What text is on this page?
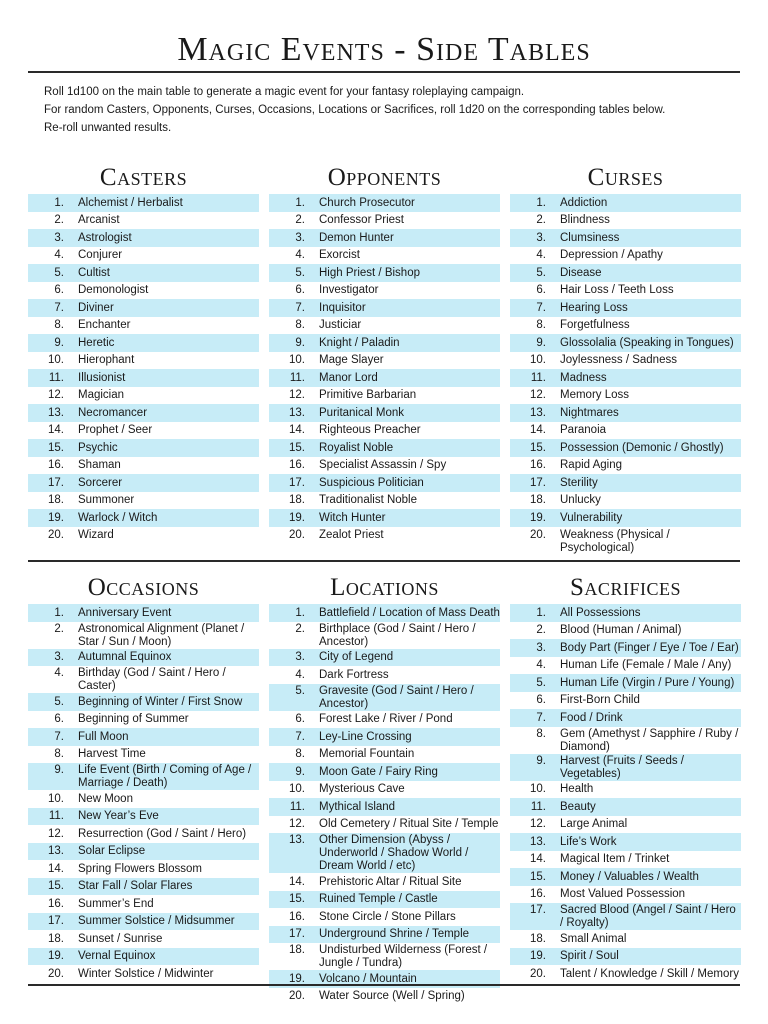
Magic Events - Side Tables
Roll 1d100 on the main table to generate a magic event for your fantasy roleplaying campaign.
For random Casters, Opponents, Curses, Occasions, Locations or Sacrifices, roll 1d20 on the corresponding tables below.
Re-roll unwanted results.
Casters
1.	Alchemist / Herbalist
2.	Arcanist
3.	Astrologist
4.	Conjurer
5.	Cultist
6.	Demonologist
7.	Diviner
8.	Enchanter
9.	Heretic
10.	Hierophant
11.	Illusionist
12.	Magician
13.	Necromancer
14.	Prophet / Seer
15.	Psychic
16.	Shaman
17.	Sorcerer
18.	Summoner
19.	Warlock / Witch
20.	Wizard
Opponents
1.	Church Prosecutor
2.	Confessor Priest
3.	Demon Hunter
4.	Exorcist
5.	High Priest / Bishop
6.	Investigator
7.	Inquisitor
8.	Justiciar
9.	Knight / Paladin
10.	Mage Slayer
11.	Manor Lord
12.	Primitive Barbarian
13.	Puritanical Monk
14.	Righteous Preacher
15.	Royalist Noble
16.	Specialist Assassin / Spy
17.	Suspicious Politician
18.	Traditionalist Noble
19.	Witch Hunter
20.	Zealot Priest
Curses
1.	Addiction
2.	Blindness
3.	Clumsiness
4.	Depression / Apathy
5.	Disease
6.	Hair Loss / Teeth Loss
7.	Hearing Loss
8.	Forgetfulness
9.	Glossolalia (Speaking in Tongues)
10.	Joylessness / Sadness
11.	Madness
12.	Memory Loss
13.	Nightmares
14.	Paranoia
15.	Possession (Demonic / Ghostly)
16.	Rapid Aging
17.	Sterility
18.	Unlucky
19.	Vulnerability
20.	Weakness (Physical / Psychological)
Occasions
1.	Anniversary Event
2.	Astronomical Alignment (Planet / Star / Sun / Moon)
3.	Autumnal Equinox
4.	Birthday (God / Saint / Hero / Caster)
5.	Beginning of Winter / First Snow
6.	Beginning of Summer
7.	Full Moon
8.	Harvest Time
9.	Life Event (Birth / Coming of Age / Marriage / Death)
10.	New Moon
11.	New Year’s Eve
12.	Resurrection (God / Saint / Hero)
13.	Solar Eclipse
14.	Spring Flowers Blossom
15.	Star Fall / Solar Flares
16.	Summer’s End
17.	Summer Solstice / Midsummer
18.	Sunset / Sunrise
19.	Vernal Equinox
20.	Winter Solstice / Midwinter
Locations
1.	Battlefield / Location of Mass Death
2.	Birthplace (God / Saint / Hero / Ancestor)
3.	City of Legend
4.	Dark Fortress
5.	Gravesite (God / Saint / Hero / Ancestor)
6.	Forest Lake / River / Pond
7.	Ley-Line Crossing
8.	Memorial Fountain
9.	Moon Gate / Fairy Ring
10.	Mysterious Cave
11.	Mythical Island
12.	Old Cemetery / Ritual Site / Temple
13.	Other Dimension (Abyss / Underworld / Shadow World / Dream World / etc)
14.	Prehistoric Altar / Ritual Site
15.	Ruined Temple / Castle
16.	Stone Circle / Stone Pillars
17.	Underground Shrine / Temple
18.	Undisturbed Wilderness (Forest / Jungle / Tundra)
19.	Volcano / Mountain
20.	Water Source (Well / Spring)
Sacrifices
1.	All Possessions
2.	Blood (Human / Animal)
3.	Body Part (Finger / Eye / Toe / Ear)
4.	Human Life (Female / Male / Any)
5.	Human Life (Virgin / Pure / Young)
6.	First-Born Child
7.	Food / Drink
8.	Gem (Amethyst / Sapphire / Ruby / Diamond)
9.	Harvest (Fruits / Seeds / Vegetables)
10.	Health
11.	Beauty
12.	Large Animal
13.	Life’s Work
14.	Magical Item / Trinket
15.	Money / Valuables / Wealth
16.	Most Valued Possession
17.	Sacred Blood (Angel / Saint / Hero / Royalty)
18.	Small Animal
19.	Spirit / Soul
20.	Talent / Knowledge / Skill / Memory
